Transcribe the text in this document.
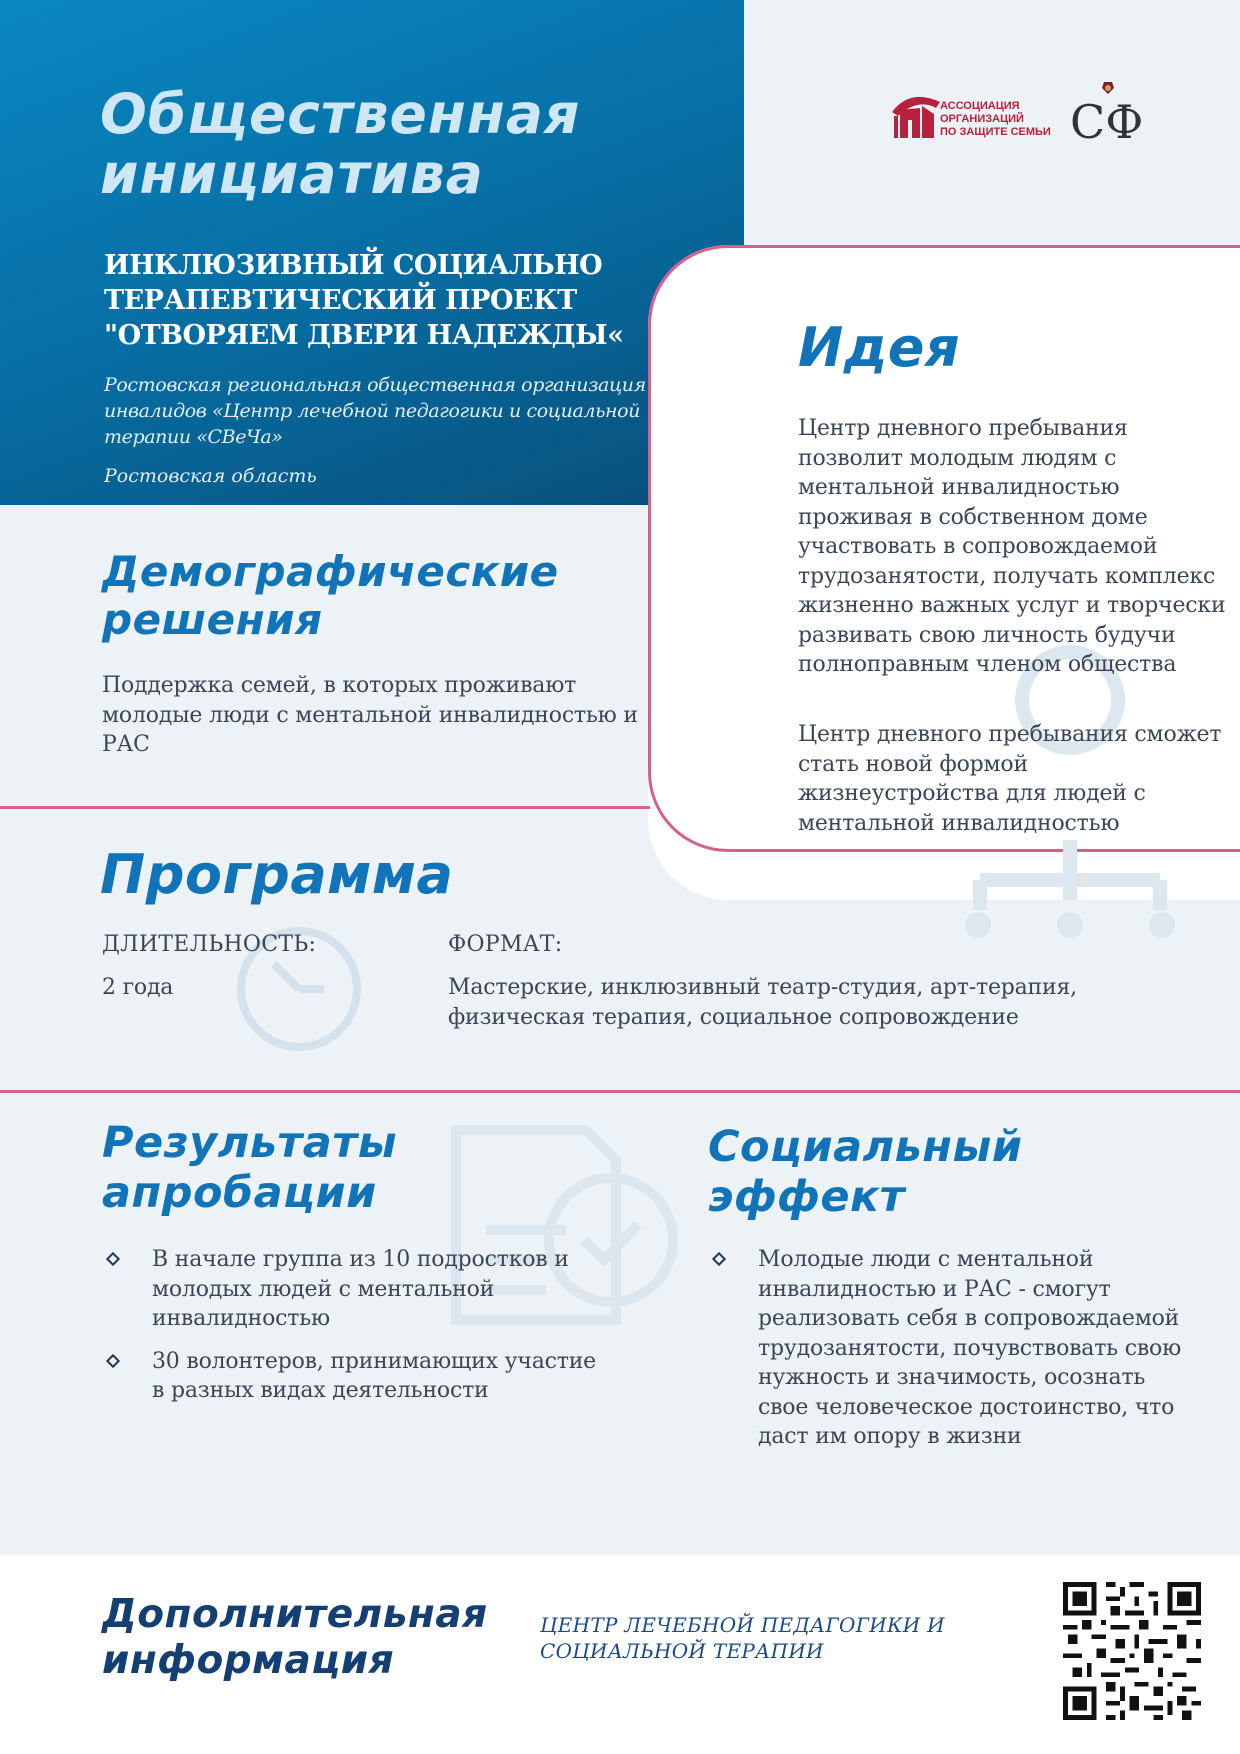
Общественная
инициатива
ИНКЛЮЗИВНЫЙ СОЦИАЛЬНО ТЕРАПЕВТИЧЕСКИЙ ПРОЕКТ "ОТВОРЯЕМ ДВЕРИ НАДЕЖДЫ«

Ростовская региональная общественная организация инвалидов «Центр лечебной педагогики и социальной терапии «СВеЧа»

Ростовская область

АССОЦИАЦИЯ
ОРГАНИЗАЦИЙ
ПО ЗАЩИТЕ СЕМЬИ СФ
Идея

Центр дневного пребывания позволит молодым людям с ментальной инвалидностью проживая в собственном доме участвовать в сопровождаемой трудозанятости, получать комплекс жизненно важных услуг и творчески развивать свою личность будучи полноправным членом общества

Центр дневного пребывания сможет стать новой формой жизнеустройства для людей с ментальной инвалидностью

Демографические
решения

Поддержка семей, в которых проживают молодые люди с ментальной инвалидностью и РАС

Программа

ДЛИТЕЛЬНОСТЬ:

2 года

ФОРМАТ:

Мастерские, инклюзивный театр-студия, арт-терапия, физическая терапия, социальное сопровождение

Результаты
апробации
В начале группа из 10 подростков и молодых людей с ментальной инвалидностью
30 волонтеров, принимающих участие в разных видах деятельности
Социальный
эффект
Молодые люди с ментальной инвалидностью и РАС - смогут реализовать себя в сопровождаемой трудозанятости, почувствовать свою нужность и значимость, осознать свое человеческое достоинство, что даст им опору в жизни
Дополнительная
информация

ЦЕНТР ЛЕЧЕБНОЙ ПЕДАГОГИКИ И
СОЦИАЛЬНОЙ ТЕРАПИИ
